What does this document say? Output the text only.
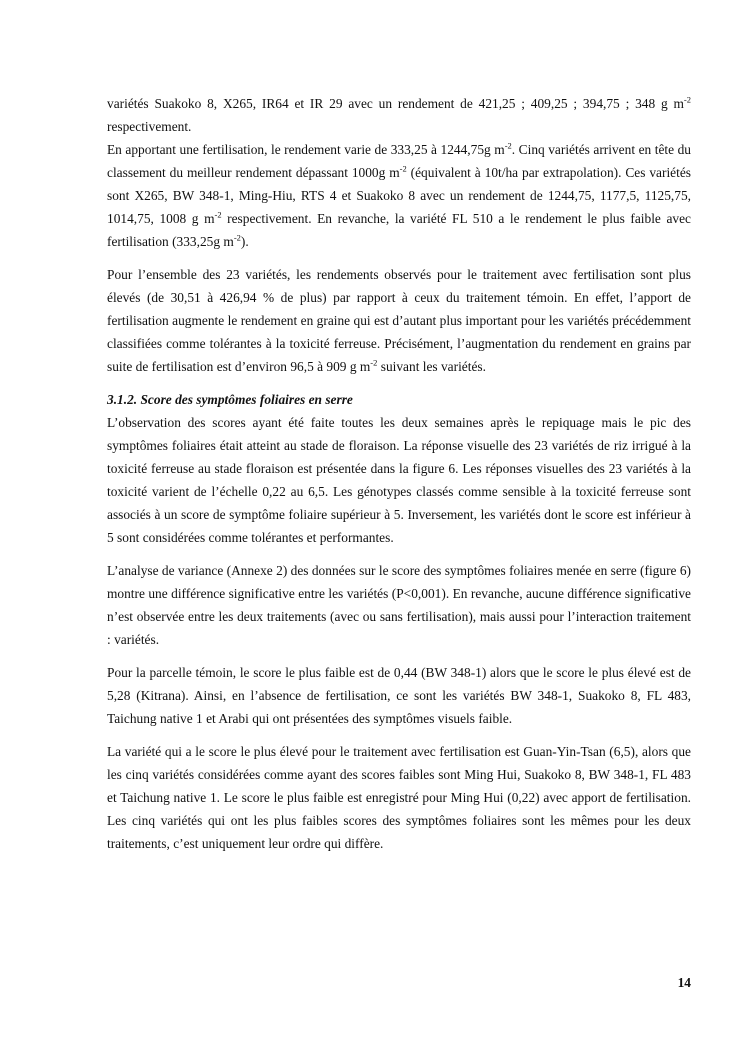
variétés Suakoko 8, X265, IR64 et IR 29 avec un rendement de 421,25 ; 409,25 ; 394,75 ; 348 g $m^{-2}$ respectivement.

En apportant une fertilisation, le rendement varie de 333,25 à 1244,75g $m^{-2}$. Cinq variétés arrivent en tête du classement du meilleur rendement dépassant 1000g $m^{-2}$ (équivalent à 10t/ha par extrapolation). Ces variétés sont X265, BW 348-1, Ming-Hiu, RTS 4 et Suakoko 8 avec un rendement de 1244,75, 1177,5, 1125,75, 1014,75, 1008 g $m^{-2}$ respectivement. En revanche, la variété FL 510 a le rendement le plus faible avec fertilisation (333,25g $m^{-2}$).

Pour l’ensemble des 23 variétés, les rendements observés pour le traitement avec fertilisation sont plus élevés (de 30,51 à 426,94 % de plus) par rapport à ceux du traitement témoin. En effet, l’apport de fertilisation augmente le rendement en graine qui est d’autant plus important pour les variétés précédemment classifiées comme tolérantes à la toxicité ferreuse. Précisément, l’augmentation du rendement en grains par suite de fertilisation est d’environ 96,5 à 909 g $m^{-2}$ suivant les variétés.

3.1.2. Score des symptômes foliaires en serre

L’observation des scores ayant été faite toutes les deux semaines après le repiquage mais le pic des symptômes foliaires était atteint au stade de floraison. La réponse visuelle des 23 variétés de riz irrigué à la toxicité ferreuse au stade floraison est présentée dans la figure 6. Les réponses visuelles des 23 variétés à la toxicité varient de l’échelle 0,22 au 6,5. Les génotypes classés comme sensible à la toxicité ferreuse sont associés à un score de symptôme foliaire supérieur à 5. Inversement, les variétés dont le score est inférieur à 5 sont considérées comme tolérantes et performantes.

L’analyse de variance (Annexe 2) des données sur le score des symptômes foliaires menée en serre (figure 6) montre une différence significative entre les variétés (P<0,001). En revanche, aucune différence significative n’est observée entre les deux traitements (avec ou sans fertilisation), mais aussi pour l’interaction traitement : variétés.

Pour la parcelle témoin, le score le plus faible est de 0,44 (BW 348-1) alors que le score le plus élevé est de 5,28 (Kitrana). Ainsi, en l’absence de fertilisation, ce sont les variétés BW 348-1, Suakoko 8, FL 483, Taichung native 1 et Arabi qui ont présentées des symptômes visuels faible.

La variété qui a le score le plus élevé pour le traitement avec fertilisation est Guan-Yin-Tsan (6,5), alors que les cinq variétés considérées comme ayant des scores faibles sont Ming Hui, Suakoko 8, BW 348-1, FL 483 et Taichung native 1. Le score le plus faible est enregistré pour Ming Hui (0,22) avec apport de fertilisation. Les cinq variétés qui ont les plus faibles scores des symptômes foliaires sont les mêmes pour les deux traitements, c’est uniquement leur ordre qui diffère.

14
